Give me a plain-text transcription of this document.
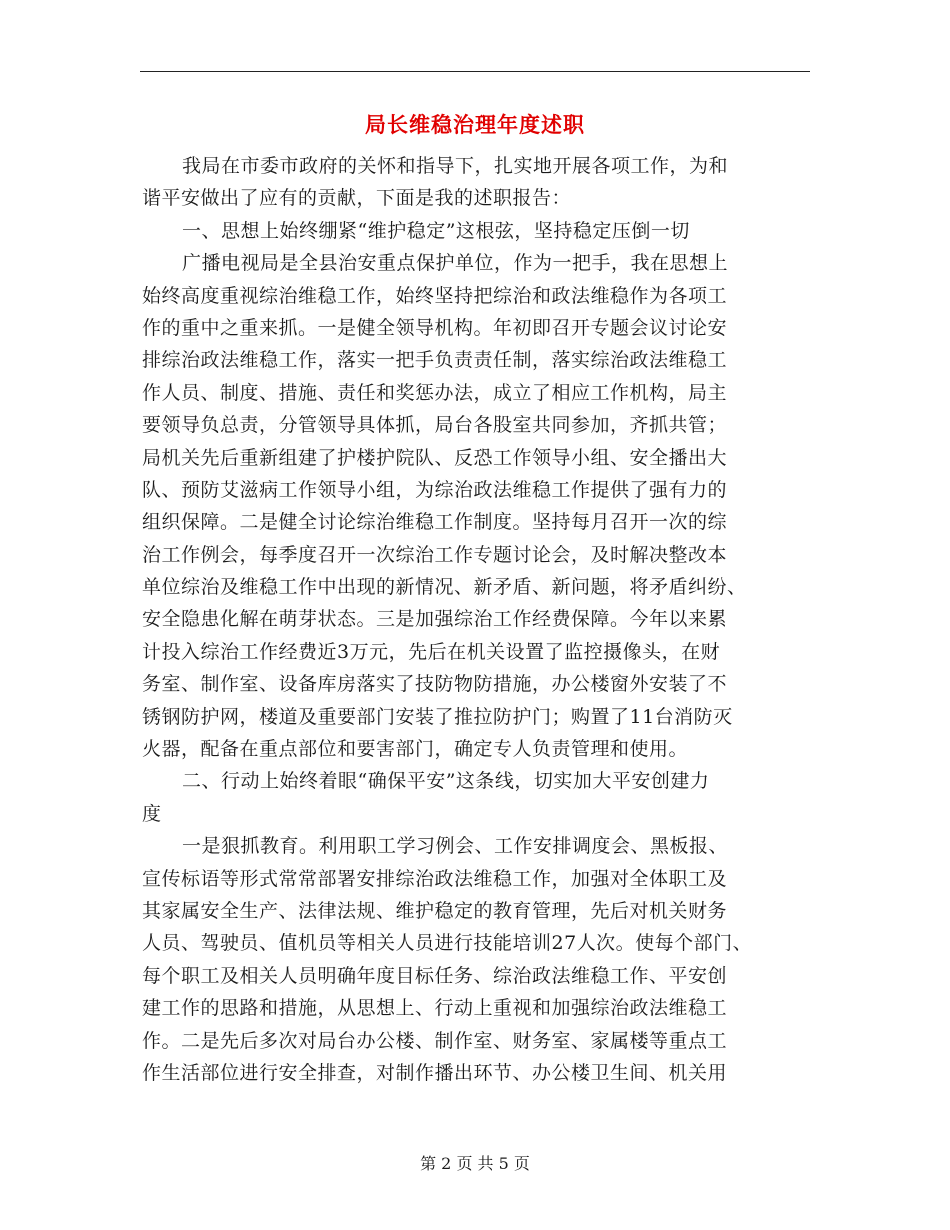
局长维稳治理年度述职
我局在市委市政府的关怀和指导下，扎实地开展各项工作，为和
谐平安做出了应有的贡献，下面是我的述职报告：
一、思想上始终绷紧“维护稳定”这根弦，坚持稳定压倒一切
广播电视局是全县治安重点保护单位，作为一把手，我在思想上
始终高度重视综治维稳工作，始终坚持把综治和政法维稳作为各项工
作的重中之重来抓。一是健全领导机构。年初即召开专题会议讨论安
排综治政法维稳工作，落实一把手负责责任制，落实综治政法维稳工
作人员、制度、措施、责任和奖惩办法，成立了相应工作机构，局主
要领导负总责，分管领导具体抓，局台各股室共同参加，齐抓共管；
局机关先后重新组建了护楼护院队、反恐工作领导小组、安全播出大
队、预防艾滋病工作领导小组，为综治政法维稳工作提供了强有力的
组织保障。二是健全讨论综治维稳工作制度。坚持每月召开一次的综
治工作例会，每季度召开一次综治工作专题讨论会，及时解决整改本
单位综治及维稳工作中出现的新情况、新矛盾、新问题，将矛盾纠纷、
安全隐患化解在萌芽状态。三是加强综治工作经费保障。今年以来累
计投入综治工作经费近3万元，先后在机关设置了监控摄像头，在财
务室、制作室、设备库房落实了技防物防措施，办公楼窗外安装了不
锈钢防护网，楼道及重要部门安装了推拉防护门；购置了11台消防灭
火器，配备在重点部位和要害部门，确定专人负责管理和使用。
二、行动上始终着眼“确保平安”这条线，切实加大平安创建力
度
一是狠抓教育。利用职工学习例会、工作安排调度会、黑板报、
宣传标语等形式常常部署安排综治政法维稳工作，加强对全体职工及
其家属安全生产、法律法规、维护稳定的教育管理，先后对机关财务
人员、驾驶员、值机员等相关人员进行技能培训27人次。使每个部门、
每个职工及相关人员明确年度目标任务、综治政法维稳工作、平安创
建工作的思路和措施，从思想上、行动上重视和加强综治政法维稳工
作。二是先后多次对局台办公楼、制作室、财务室、家属楼等重点工
作生活部位进行安全排查，对制作播出环节、办公楼卫生间、机关用
第 2 页 共 5 页
